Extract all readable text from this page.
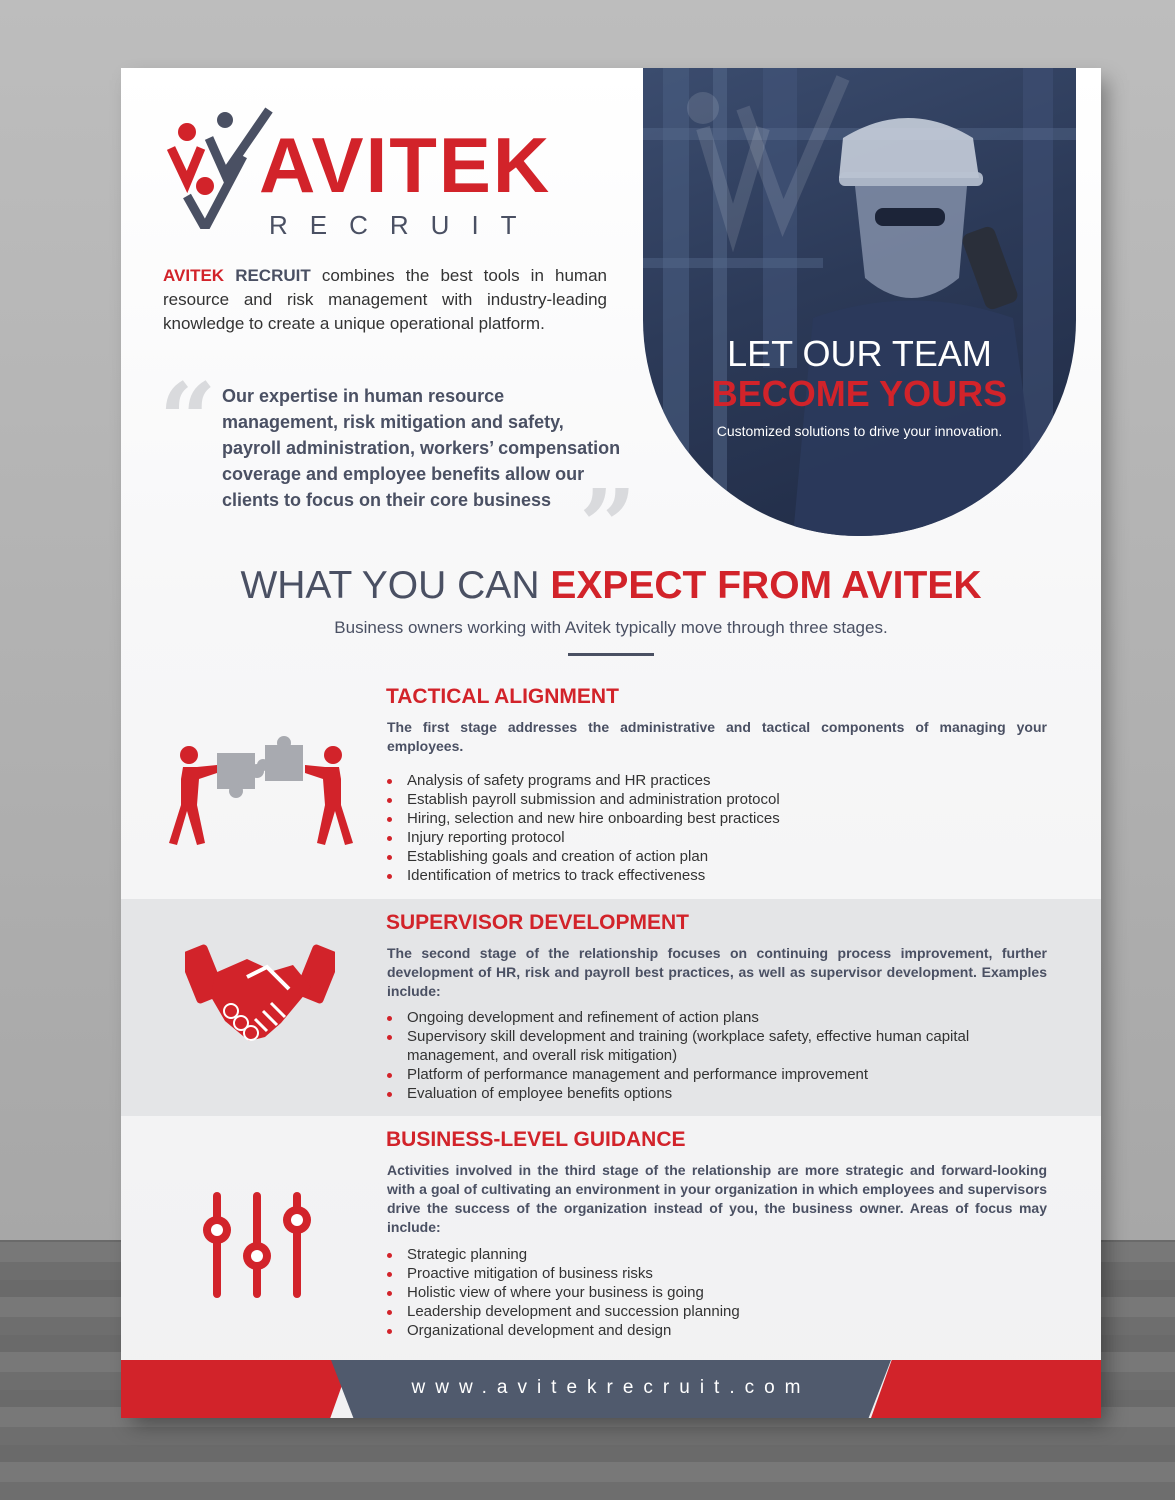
AVITEK
RECRUIT
AVITEK RECRUIT combines the best tools in human resource and risk management with industry-leading knowledge to create a unique operational platform.
“ Our expertise in human resource management, risk mitigation and safety, payroll administration, workers’ compensation coverage and employee benefits allow our clients to focus on their core business ”
LET OUR TEAM
BECOME YOURS
Customized solutions to drive your innovation.
WHAT YOU CAN EXPECT FROM AVITEK
Business owners working with Avitek typically move through three stages.
TACTICAL ALIGNMENT
The first stage addresses the administrative and tactical components of managing your employees.
Analysis of safety programs and HR practices
Establish payroll submission and administration protocol
Hiring, selection and new hire onboarding best practices
Injury reporting protocol
Establishing goals and creation of action plan
Identification of metrics to track effectiveness
SUPERVISOR DEVELOPMENT
The second stage of the relationship focuses on continuing process improvement, further development of HR, risk and payroll best practices, as well as supervisor development. Examples include:
Ongoing development and refinement of action plans
Supervisory skill development and training (workplace safety, effective human capital management, and overall risk mitigation)
Platform of performance management and performance improvement
Evaluation of employee benefits options
BUSINESS-LEVEL GUIDANCE
Activities involved in the third stage of the relationship are more strategic and forward-looking with a goal of cultivating an environment in your organization in which employees and supervisors drive the success of the organization instead of you, the business owner. Areas of focus may include:
Strategic planning
Proactive mitigation of business risks
Holistic view of where your business is going
Leadership development and succession planning
Organizational development and design
www.avitekrecruit.com
